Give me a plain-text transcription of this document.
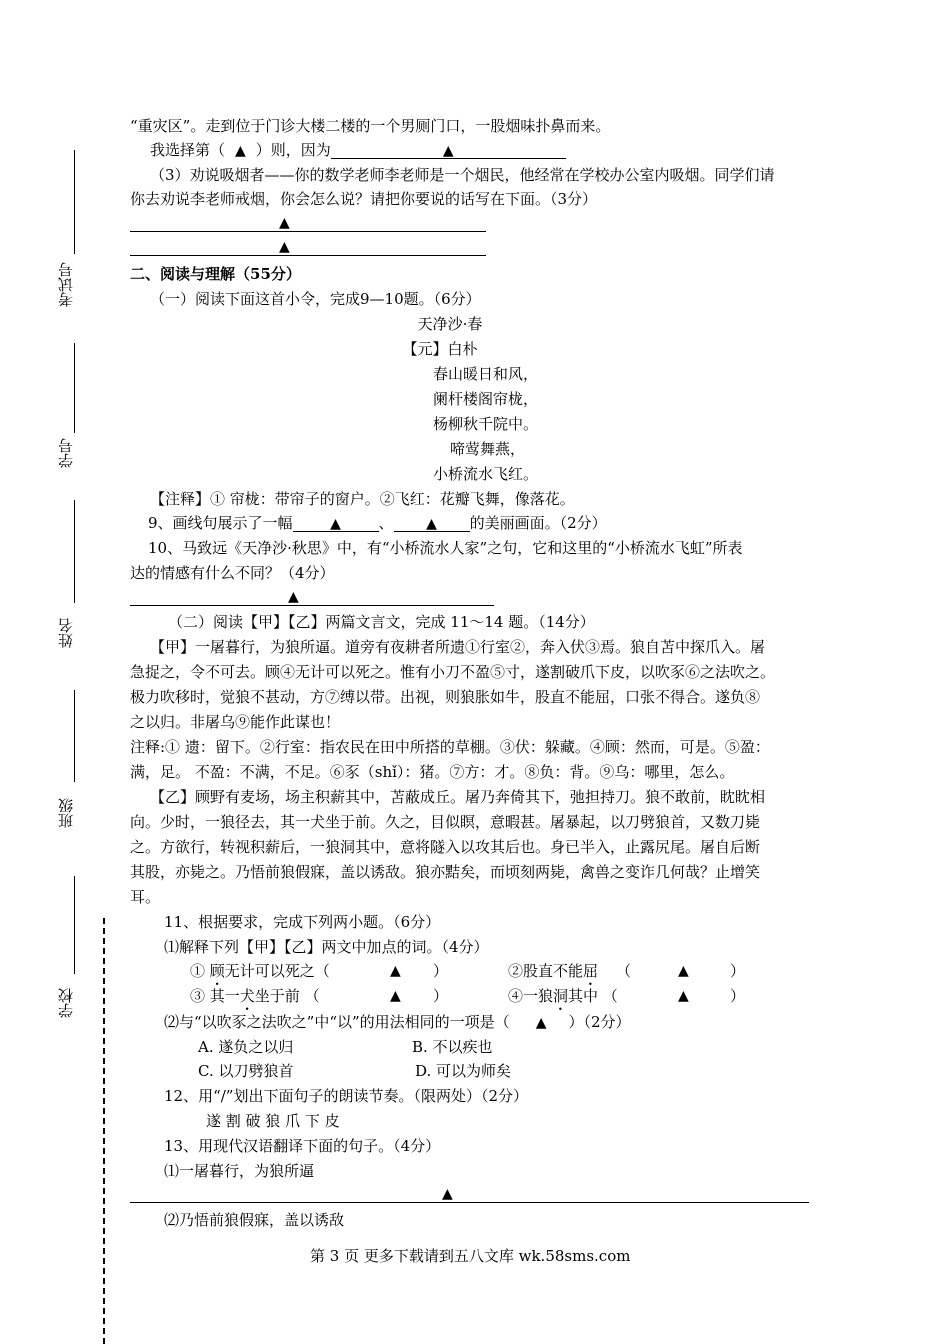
考试号
学号
姓名
班级
学校
“重灾区”。走到位于门诊大楼二楼的一个男厕门口，一股烟味扑鼻而来。
我选择第（ ▲ ）则，因为	▲
（3）劝说吸烟者——你的数学老师李老师是一个烟民，他经常在学校办公室内吸烟。同学们请
你去劝说李老师戒烟，你会怎么说？请把你要说的话写在下面。（3分）
▲
▲
二、阅读与理解（55分）
（一）阅读下面这首小令，完成9—10题。（6分）
天净沙·春
【元】白朴
春山暖日和风，
阑杆楼阁帘栊，
杨柳秋千院中。
啼莺舞燕，
小桥流水飞红。
【注释】① 帘栊：带帘子的窗户。②飞红：花瓣飞舞，像落花。
9、画线句展示了一幅	▲	、 ▲ 的美丽画面。（2分）
10、马致远《天净沙·秋思》中，有“小桥流水人家”之句，它和这里的“小桥流水飞虹”所表
达的情感有什么不同？（4分）
▲
（二）阅读【甲】【乙】两篇文言文，完成 11～14 题。（14分）
【甲】一屠暮行，为狼所逼。道旁有夜耕者所遗①行室②，奔入伏③焉。狼自苫中探爪入。屠
急捉之，令不可去。顾④无计可以死之。惟有小刀不盈⑤寸，遂割破爪下皮，以吹豕⑥之法吹之。
极力吹移时，觉狼不甚动，方⑦缚以带。出视，则狼胀如牛，股直不能屈，口张不得合。遂负⑧
之以归。非屠乌⑨能作此谋也！
注释:① 遗：留下。②行室：指农民在田中所搭的草棚。③伏：躲藏。④顾：然而，可是。⑤盈：
满，足。 不盈：不满，不足。⑥豕（shǐ）：猪。⑦方：才。⑧负：背。⑨乌：哪里，怎么。
【乙】顾野有麦场，场主积薪其中，苫蔽成丘。屠乃奔倚其下，弛担持刀。狼不敢前，眈眈相
向。少时，一狼径去，其一犬坐于前。久之，目似瞑，意暇甚。屠暴起，以刀劈狼首，又数刀毙
之。方欲行，转视积薪后，一狼洞其中，意将隧入以攻其后也。身已半入，止露尻尾。屠自后断
其股，亦毙之。乃悟前狼假寐，盖以诱敌。狼亦黠矣，而顷刻两毙，禽兽之变诈几何哉？止增笑
耳。
11、根据要求，完成下列两小题。（6分）
⑴解释下列【甲】【乙】两文中加点的词。（4分）
① 顾无计可以死之（	▲ ）	②股直不能屈 （	▲	）
③ 其一犬坐于前 （	▲ ）	④一狼洞其中 （	▲	）
⑵与“以吹豕之法吹之”中“以”的用法相同的一项是（ ▲ ）（2分）
A. 遂负之以归	B. 不以疾也
C. 以刀劈狼首	D. 可以为师矣
12、用“/”划出下面句子的朗读节奏。（限两处）（2分）
遂 割 破 狼 爪 下 皮
13、用现代汉语翻译下面的句子。（4分）
⑴一屠暮行，为狼所逼
▲
⑵乃悟前狼假寐，盖以诱敌
第 3 页 更多下载请到五八文库 wk.58sms.com
